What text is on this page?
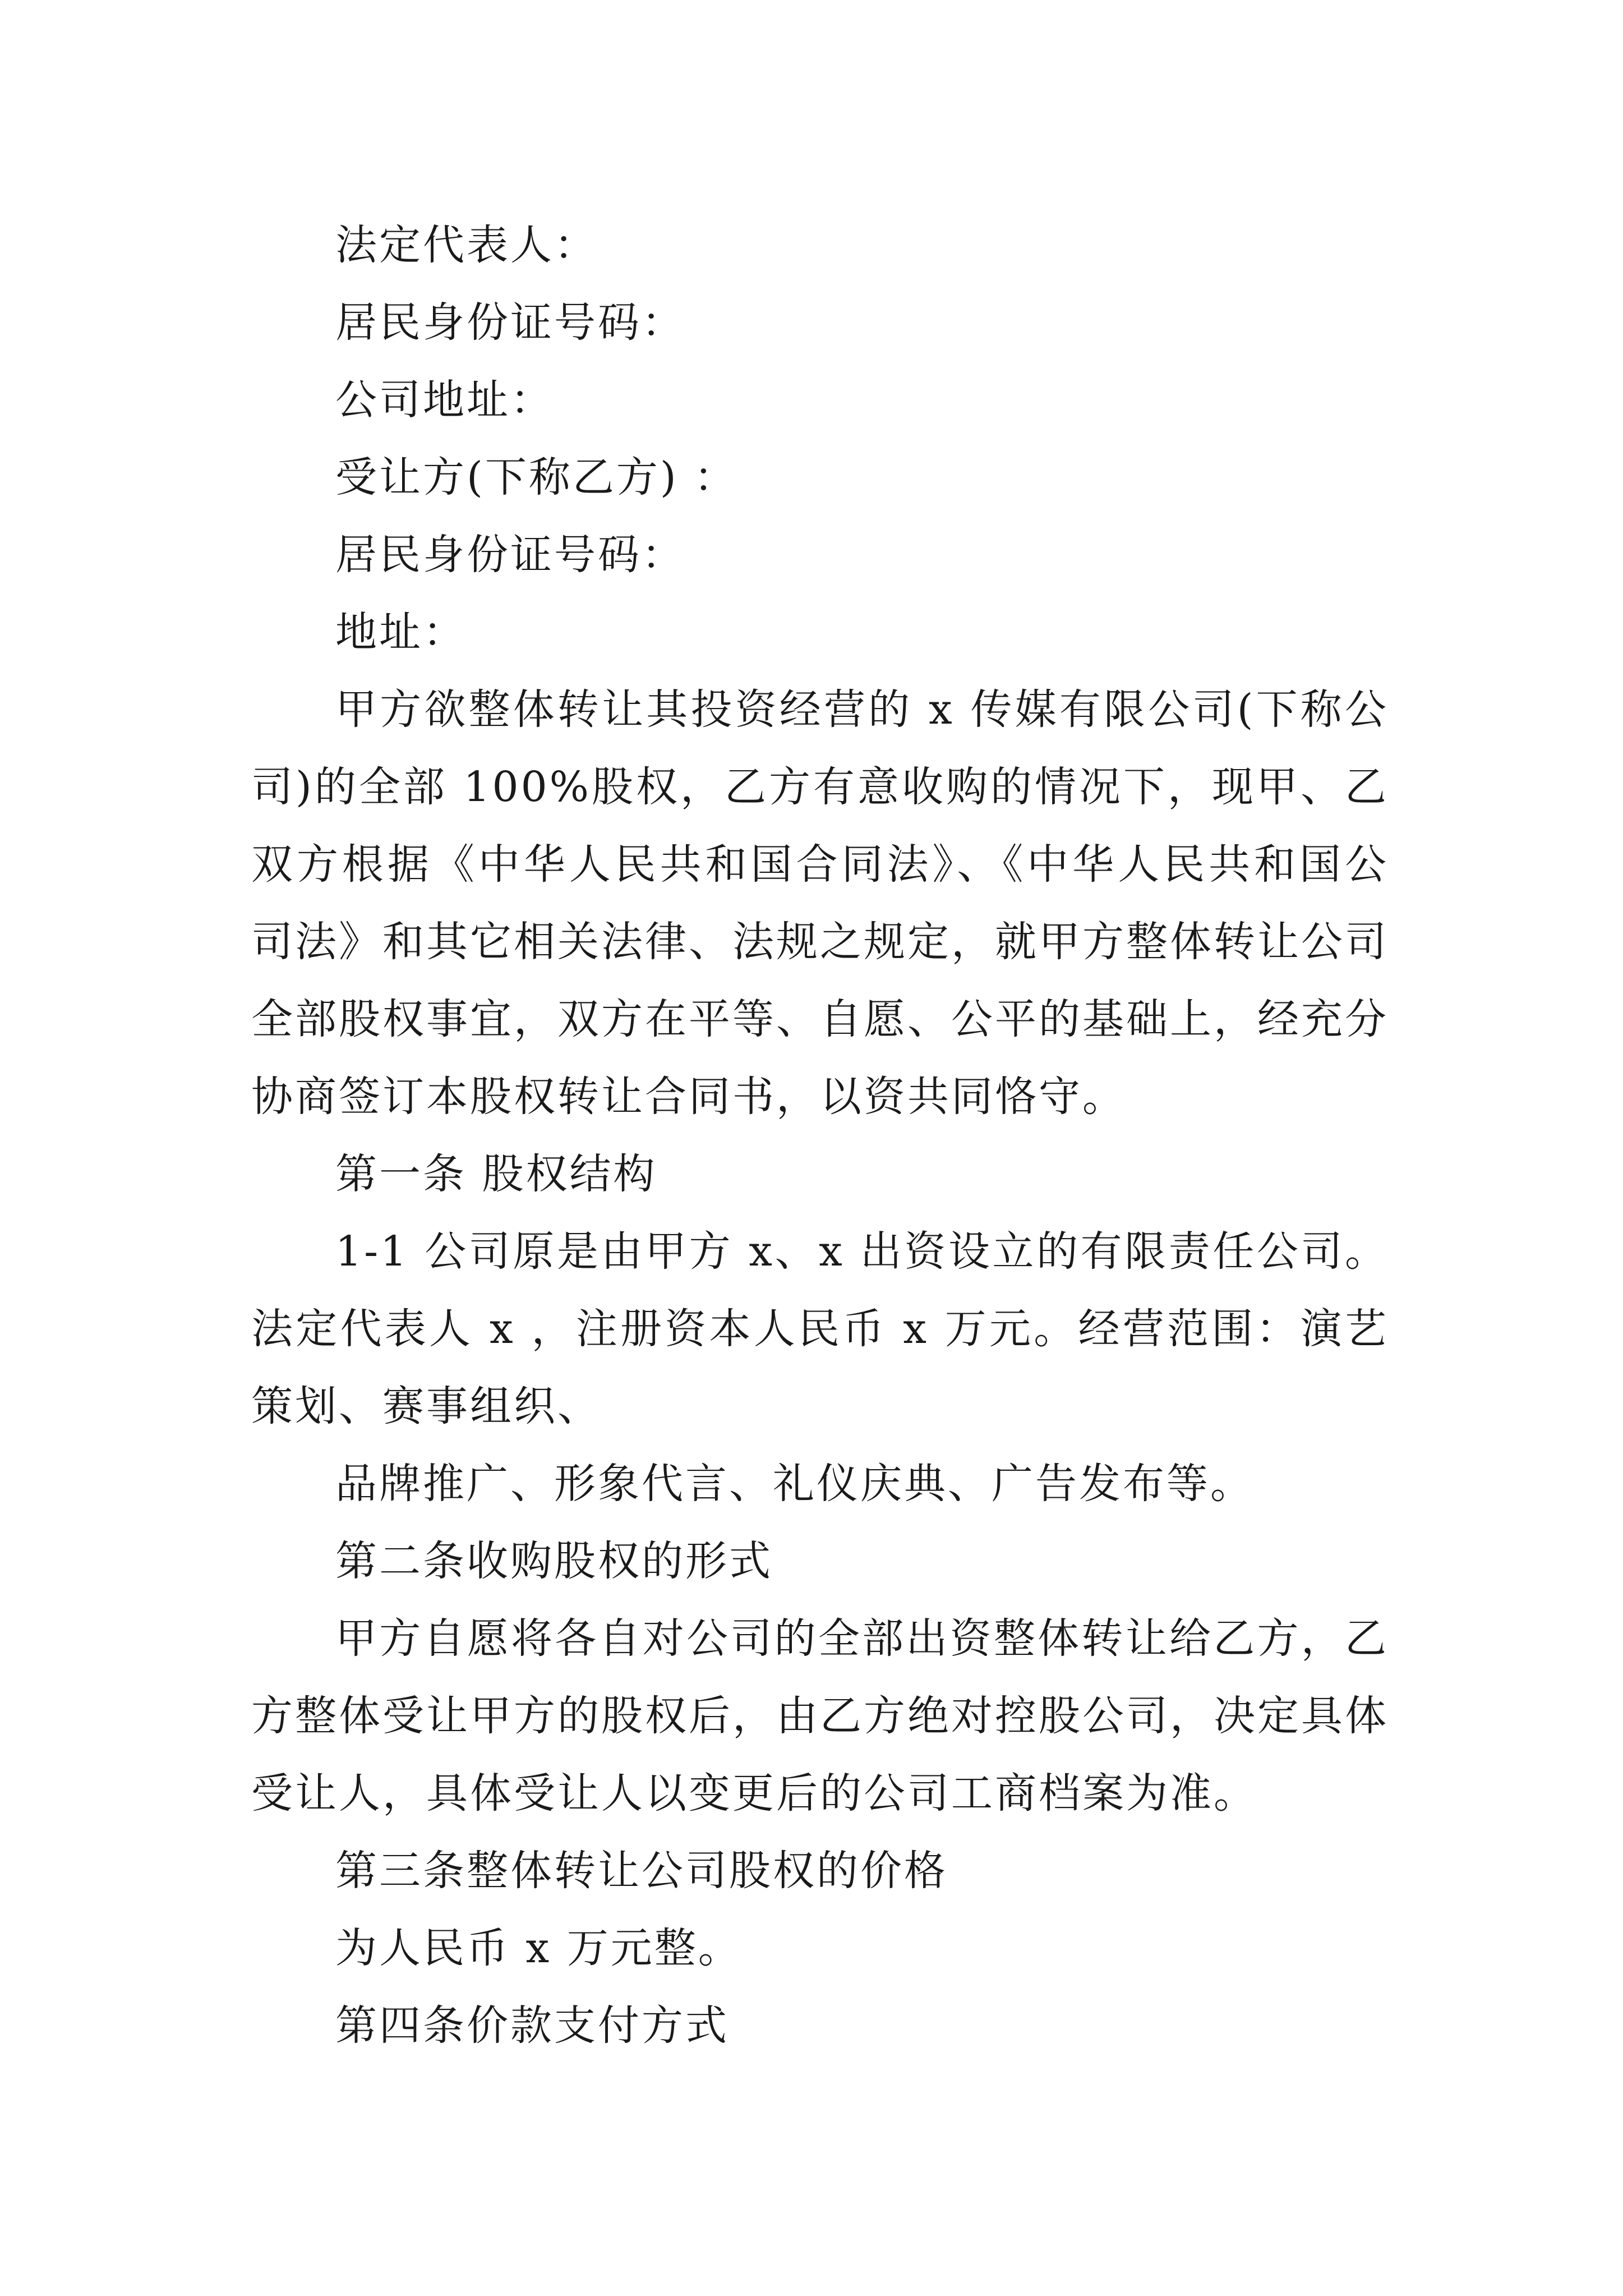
法定代表人：
居民身份证号码：
公司地址：
受让方(下称乙方) ：
居民身份证号码：
地址：

甲方欲整体转让其投资经营的 x 传媒有限公司(下称公司)的全部 100%股权，乙方有意收购的情况下，现甲、乙双方根据《中华人民共和国合同法》、《中华人民共和国公司法》和其它相关法律、法规之规定，就甲方整体转让公司全部股权事宜，双方在平等、自愿、公平的基础上，经充分协商签订本股权转让合同书，以资共同恪守。

第一条 股权结构

1-1 公司原是由甲方 x、x 出资设立的有限责任公司。法定代表人 x ，注册资本人民币 x 万元。经营范围：演艺策划、赛事组织、

品牌推广、形象代言、礼仪庆典、广告发布等。

第二条收购股权的形式

甲方自愿将各自对公司的全部出资整体转让给乙方，乙方整体受让甲方的股权后，由乙方绝对控股公司，决定具体受让人，具体受让人以变更后的公司工商档案为准。

第三条整体转让公司股权的价格
为人民币 x 万元整。
第四条价款支付方式
